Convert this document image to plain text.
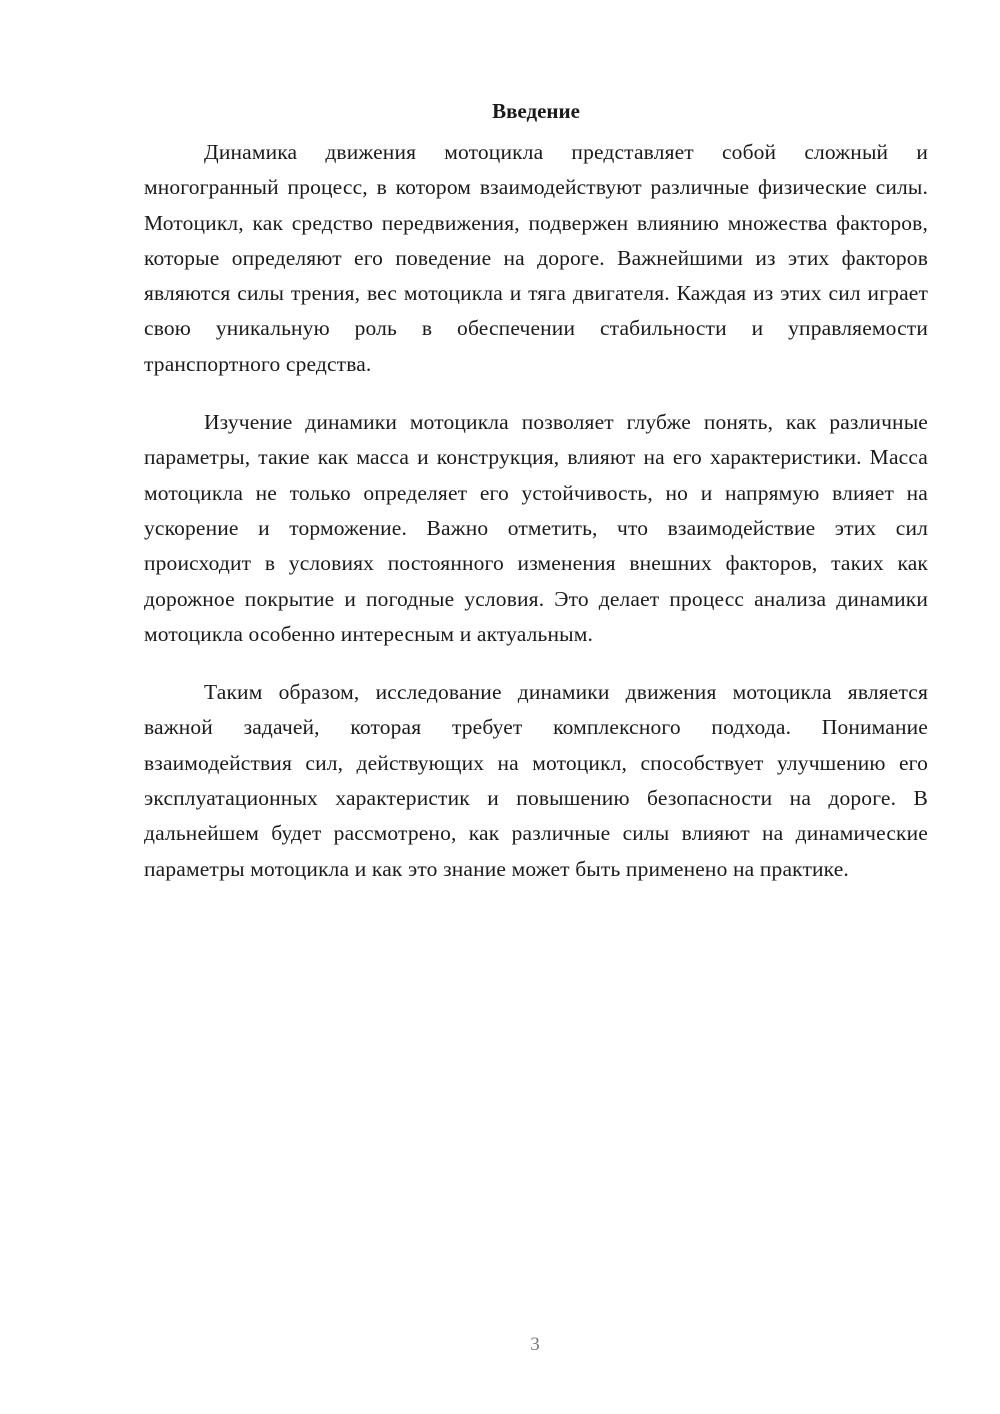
Введение

Динамика движения мотоцикла представляет собой сложный и многогранный процесс, в котором взаимодействуют различные физические силы. Мотоцикл, как средство передвижения, подвержен влиянию множества факторов, которые определяют его поведение на дороге. Важнейшими из этих факторов являются силы трения, вес мотоцикла и тяга двигателя. Каждая из этих сил играет свою уникальную роль в обеспечении стабильности и управляемости транспортного средства.

Изучение динамики мотоцикла позволяет глубже понять, как различные параметры, такие как масса и конструкция, влияют на его характеристики. Масса мотоцикла не только определяет его устойчивость, но и напрямую влияет на ускорение и торможение. Важно отметить, что взаимодействие этих сил происходит в условиях постоянного изменения внешних факторов, таких как дорожное покрытие и погодные условия. Это делает процесс анализа динамики мотоцикла особенно интересным и актуальным.

Таким образом, исследование динамики движения мотоцикла является важной задачей, которая требует комплексного подхода. Понимание взаимодействия сил, действующих на мотоцикл, способствует улучшению его эксплуатационных характеристик и повышению безопасности на дороге. В дальнейшем будет рассмотрено, как различные силы влияют на динамические параметры мотоцикла и как это знание может быть применено на практике.

3
